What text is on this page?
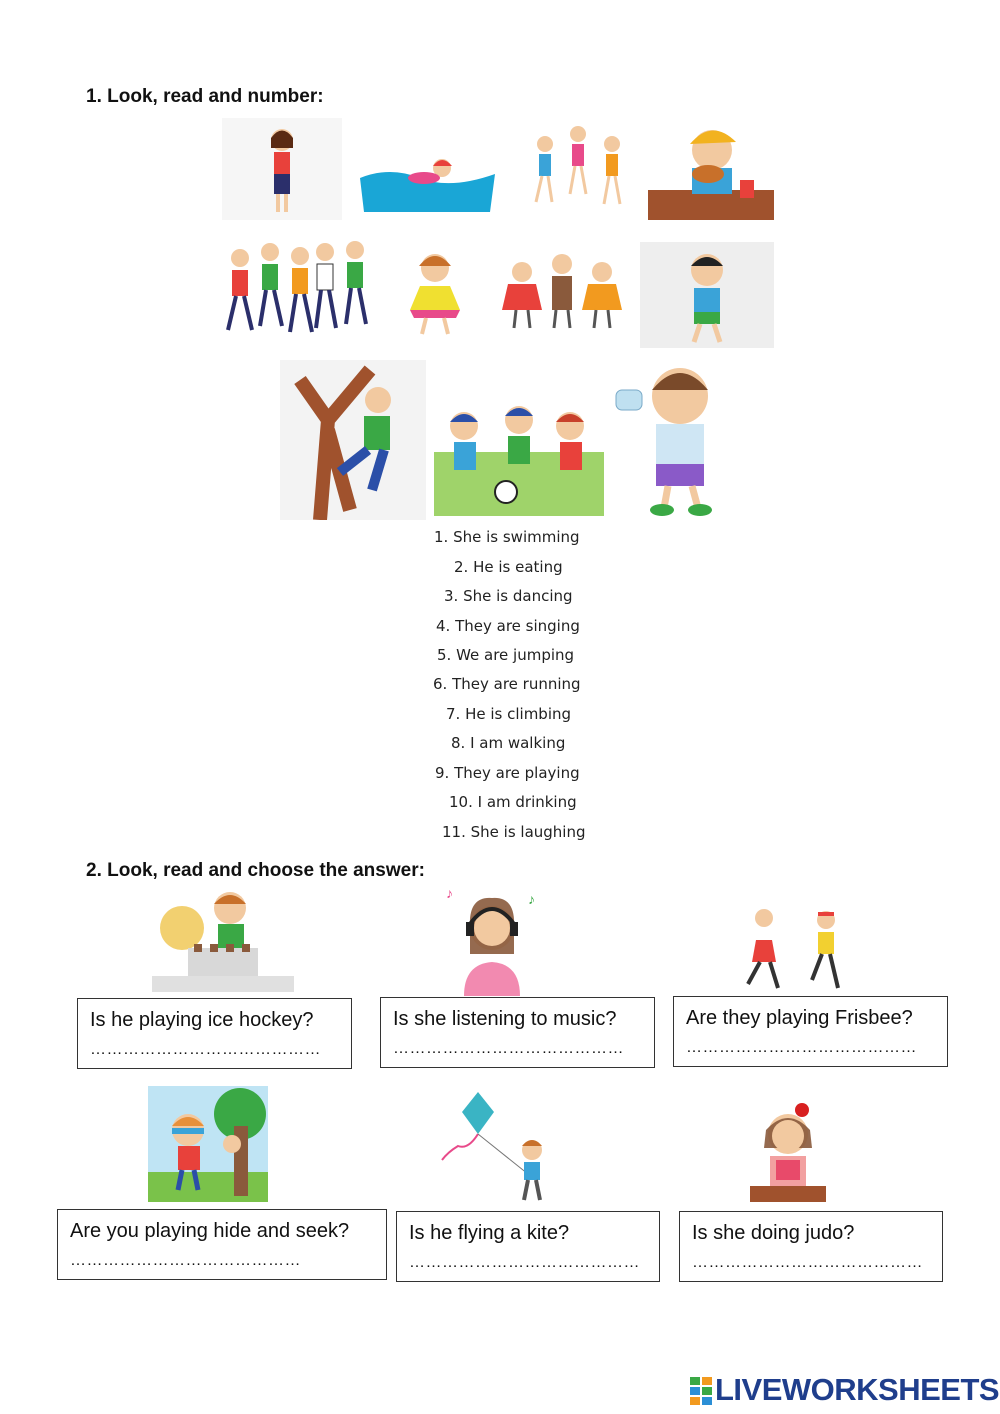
1. Look, read and number:
1. She is swimming
2. He is eating
3. She is dancing
4. They are singing
5. We are jumping
6. They are running
7. He is climbing
8. I am walking
9. They are playing
10. I am drinking
11. She is laughing
2. Look, read and choose the answer:
♪	♪
Is he playing ice hockey?
……………………………………
Is she listening to music?
……………………………………
Are they playing Frisbee?
……………………………………
Are you playing hide and seek?
……………………………………
Is he flying a kite?
……………………………………
Is she doing judo?
……………………………………
LIVEWORKSHEETS
